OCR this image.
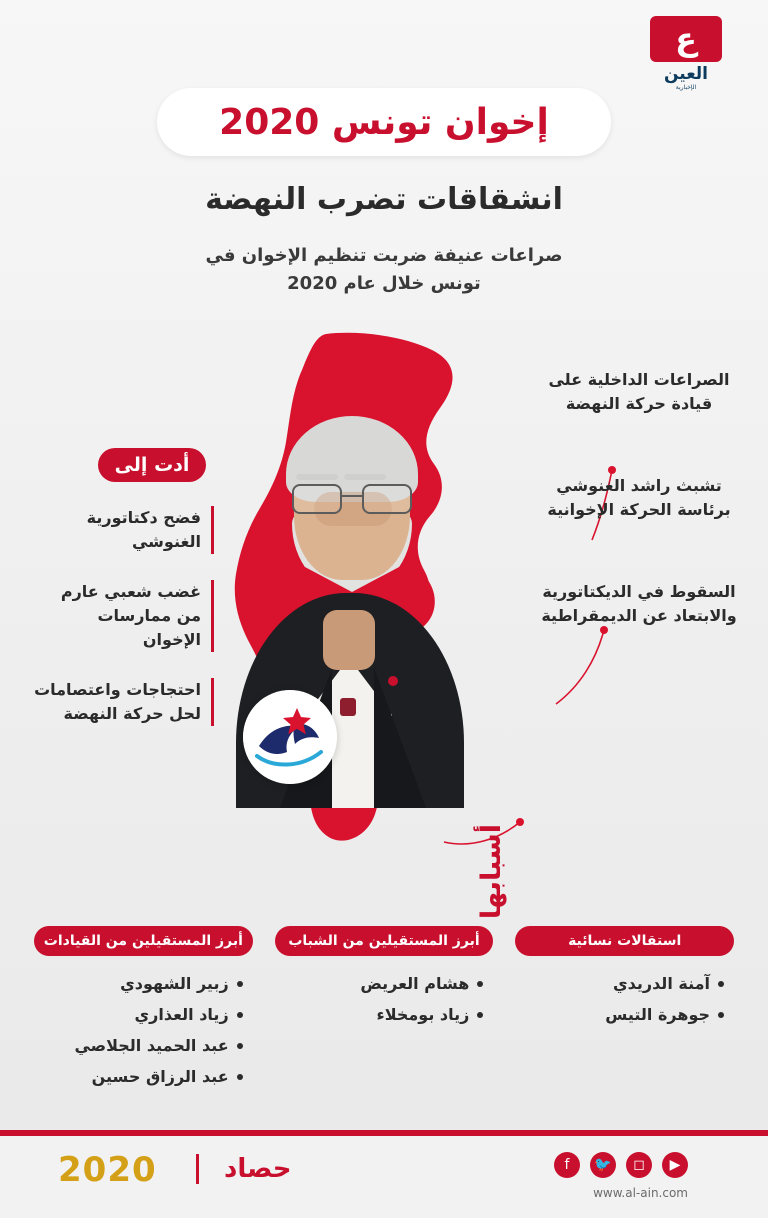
ع
العين
الإخبارية
إخوان تونس 2020
انشقاقات تضرب النهضة
صراعات عنيفة ضربت تنظيم الإخوان في تونس خلال عام 2020
أسبابها
الصراعات الداخلية على قيادة حركة النهضة
تشبث راشد الغنوشي برئاسة الحركة الإخوانية
السقوط في الديكتاتورية والابتعاد عن الديمقراطية
أدت إلى
فضح دكتاتورية الغنوشي
غضب شعبي عارم من ممارسات الإخوان
احتجاجات واعتصامات لحل حركة النهضة
أبرز المستقيلين من القيادات
زبير الشهودي
زياد العذاري
عبد الحميد الجلاصي
عبد الرزاق حسين
أبرز المستقيلين من الشباب
هشام العريض
زياد بومخلاء
استقالات نسائية
آمنة الدريدي
جوهرة التيس
2020	حصاد	▶
◻
🐦
f
www.al-ain.com
